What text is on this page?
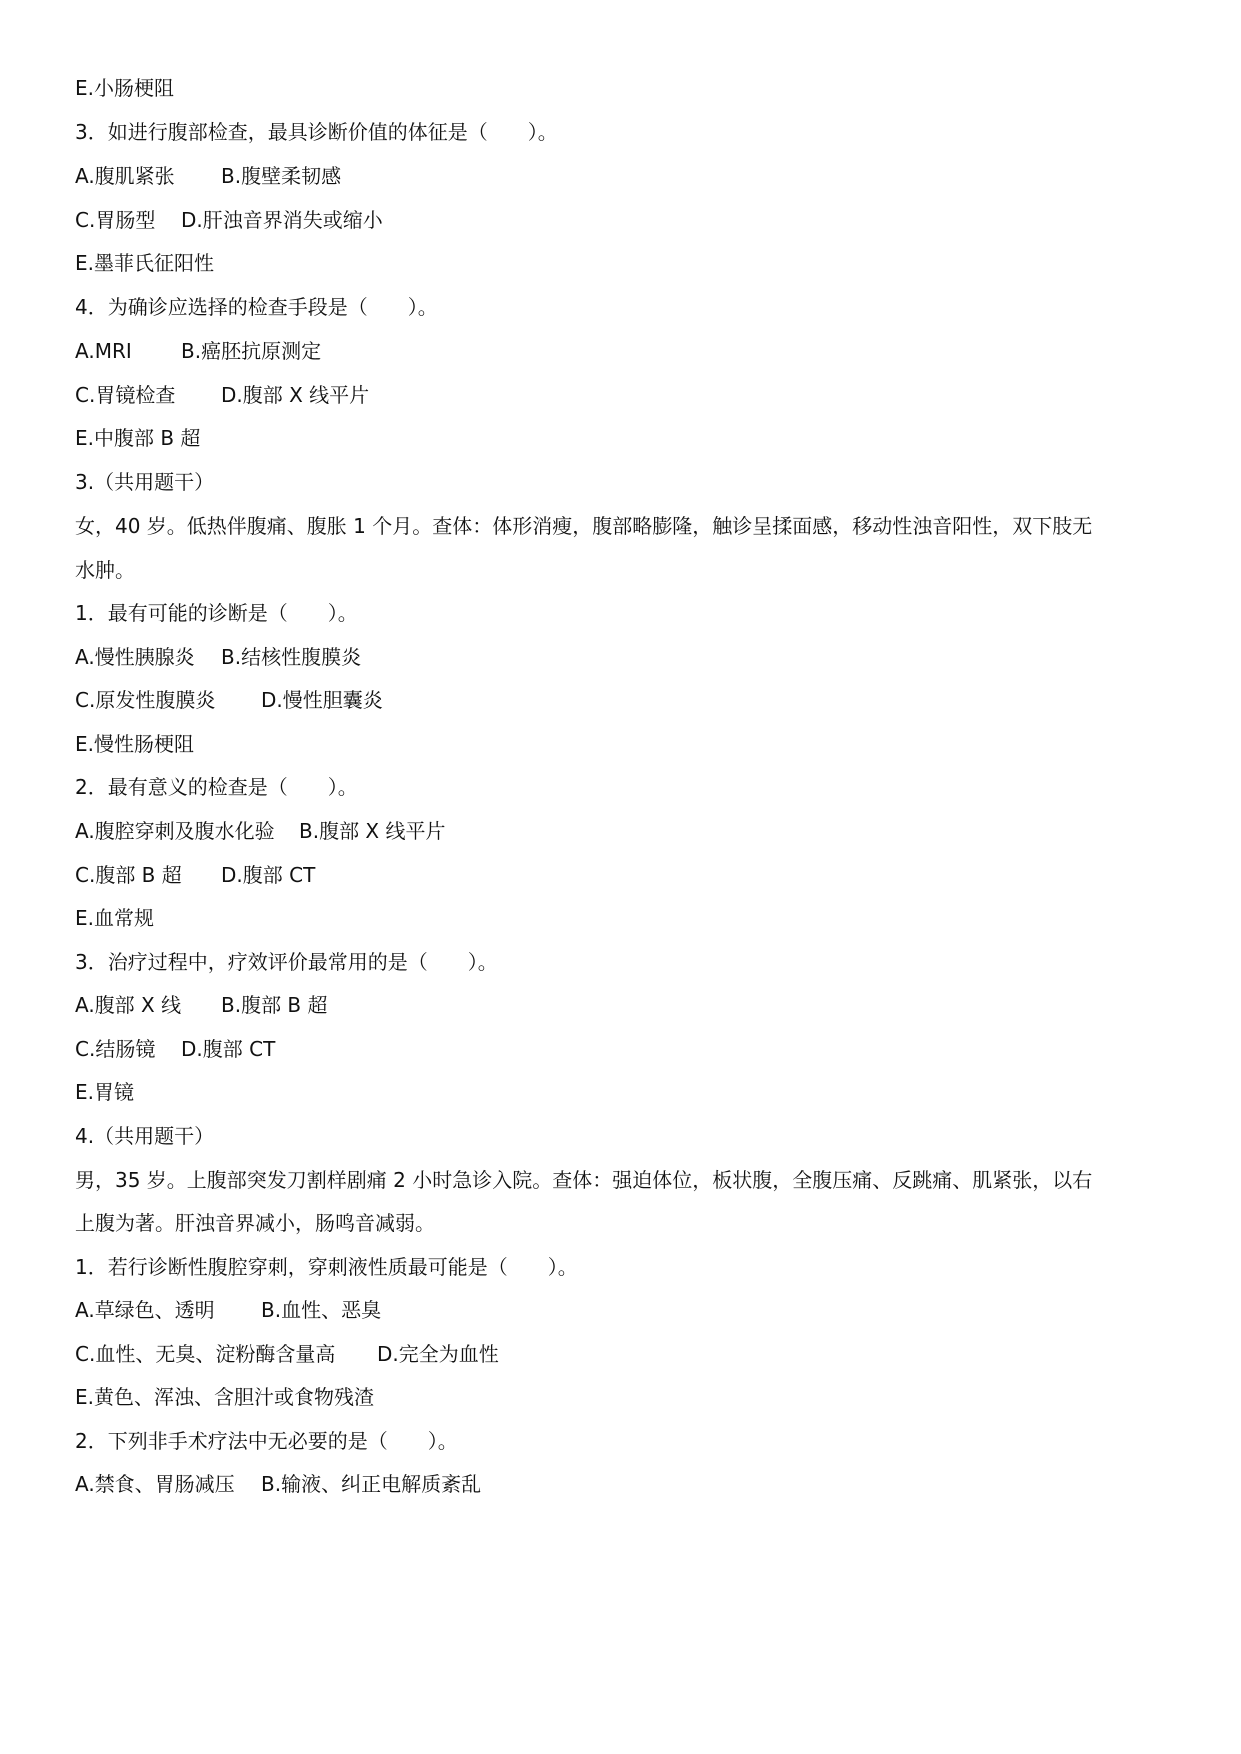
E.小肠梗阻
3．如进行腹部检查，最具诊断价值的体征是（　　）。
A.腹肌紧张 B.腹壁柔韧感
C.胃肠型 D.肝浊音界消失或缩小
E.墨菲氏征阳性
4．为确诊应选择的检查手段是（　　）。
A.MRI B.癌胚抗原测定
C.胃镜检查 D.腹部 X 线平片
E.中腹部 B 超
3.（共用题干）
女，40 岁。低热伴腹痛、腹胀 1 个月。查体：体形消瘦，腹部略膨隆，触诊呈揉面感，移动性浊音阳性，双下肢无
水肿。
1．最有可能的诊断是（　　）。
A.慢性胰腺炎 B.结核性腹膜炎
C.原发性腹膜炎 D.慢性胆囊炎
E.慢性肠梗阻
2．最有意义的检查是（　　）。
A.腹腔穿刺及腹水化验 B.腹部 X 线平片
C.腹部 B 超 D.腹部 CT
E.血常规
3．治疗过程中，疗效评价最常用的是（　　）。
A.腹部 X 线 B.腹部 B 超
C.结肠镜 D.腹部 CT
E.胃镜
4.（共用题干）
男，35 岁。上腹部突发刀割样剧痛 2 小时急诊入院。查体：强迫体位，板状腹，全腹压痛、反跳痛、肌紧张，以右
上腹为著。肝浊音界减小，肠鸣音减弱。
1．若行诊断性腹腔穿刺，穿刺液性质最可能是（　　）。
A.草绿色、透明 B.血性、恶臭
C.血性、无臭、淀粉酶含量高 D.完全为血性
E.黄色、浑浊、含胆汁或食物残渣
2．下列非手术疗法中无必要的是（　　）。
A.禁食、胃肠减压 B.输液、纠正电解质紊乱
